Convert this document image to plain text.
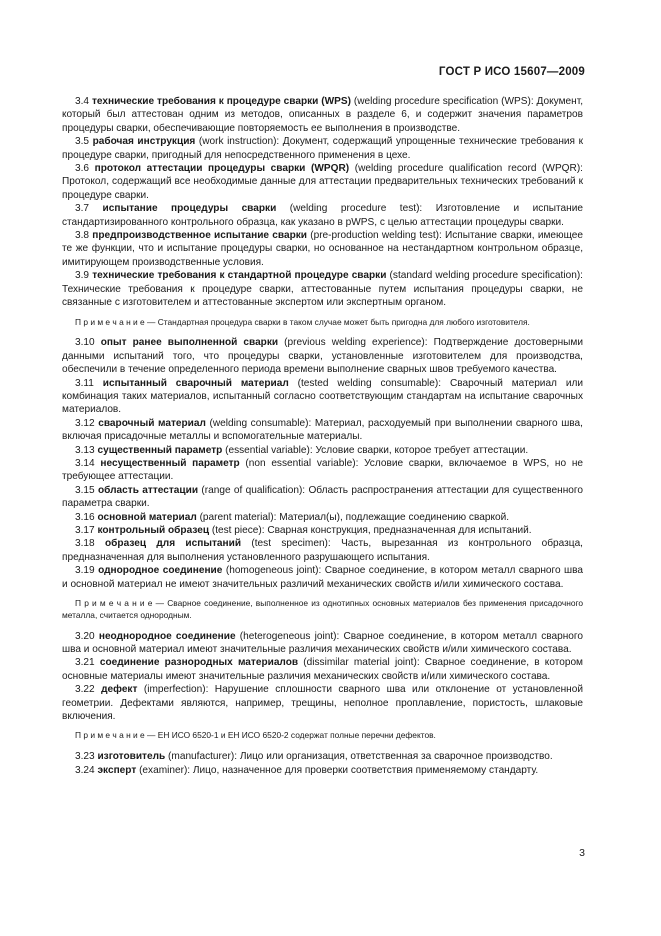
ГОСТ Р ИСО 15607—2009

3.4 технические требования к процедуре сварки (WPS) (welding procedure specification (WPS): Документ, который был аттестован одним из методов, описанных в разделе 6, и содержит значения параметров процедуры сварки, обеспечивающие повторяемость ее выполнения в производстве.

3.5 рабочая инструкция (work instruction): Документ, содержащий упрощенные технические требования к процедуре сварки, пригодный для непосредственного применения в цехе.

3.6 протокол аттестации процедуры сварки (WPQR) (welding procedure qualification record (WPQR): Протокол, содержащий все необходимые данные для аттестации предварительных технических требований к процедуре сварки.

3.7 испытание процедуры сварки (welding procedure test): Изготовление и испытание стандартизированного контрольного образца, как указано в pWPS, с целью аттестации процедуры сварки.

3.8 предпроизводственное испытание сварки (pre-production welding test): Испытание сварки, имеющее те же функции, что и испытание процедуры сварки, но основанное на нестандартном контрольном образце, имитирующем производственные условия.

3.9 технические требования к стандартной процедуре сварки (standard welding procedure specification): Технические требования к процедуре сварки, аттестованные путем испытания процедуры сварки, не связанные с изготовителем и аттестованные экспертом или экспертным органом.

П р и м е ч а н и е — Стандартная процедура сварки в таком случае может быть пригодна для любого изготовителя.

3.10 опыт ранее выполненной сварки (previous welding experience): Подтверждение достоверными данными испытаний того, что процедуры сварки, установленные изготовителем для производства, обеспечили в течение определенного периода времени выполнение сварных швов требуемого качества.

3.11 испытанный сварочный материал (tested welding consumable): Сварочный материал или комбинация таких материалов, испытанный согласно соответствующим стандартам на испытание сварочных материалов.

3.12 сварочный материал (welding consumable): Материал, расходуемый при выполнении сварного шва, включая присадочные металлы и вспомогательные материалы.

3.13 существенный параметр (essential variable): Условие сварки, которое требует аттестации.

3.14 несущественный параметр (non essential variable): Условие сварки, включаемое в WPS, но не требующее аттестации.

3.15 область аттестации (range of qualification): Область распространения аттестации для существенного параметра сварки.

3.16 основной материал (parent material): Материал(ы), подлежащие соединению сваркой.

3.17 контрольный образец (test piece): Сварная конструкция, предназначенная для испытаний.

3.18 образец для испытаний (test specimen): Часть, вырезанная из контрольного образца, предназначенная для выполнения установленного разрушающего испытания.

3.19 однородное соединение (homogeneous joint): Сварное соединение, в котором металл сварного шва и основной материал не имеют значительных различий механических свойств и/или химического состава.

П р и м е ч а н и е — Сварное соединение, выполненное из однотипных основных материалов без применения присадочного металла, считается однородным.

3.20 неоднородное соединение (heterogeneous joint): Сварное соединение, в котором металл сварного шва и основной материал имеют значительные различия механических свойств и/или химического состава.

3.21 соединение разнородных материалов (dissimilar material joint): Сварное соединение, в котором основные материалы имеют значительные различия механических свойств и/или химического состава.

3.22 дефект (imperfection): Нарушение сплошности сварного шва или отклонение от установленной геометрии. Дефектами являются, например, трещины, неполное проплавление, пористость, шлаковые включения.

П р и м е ч а н и е — ЕН ИСО 6520-1 и ЕН ИСО 6520-2 содержат полные перечни дефектов.

3.23 изготовитель (manufacturer): Лицо или организация, ответственная за сварочное производство.

3.24 эксперт (examiner): Лицо, назначенное для проверки соответствия применяемому стандарту.

3
